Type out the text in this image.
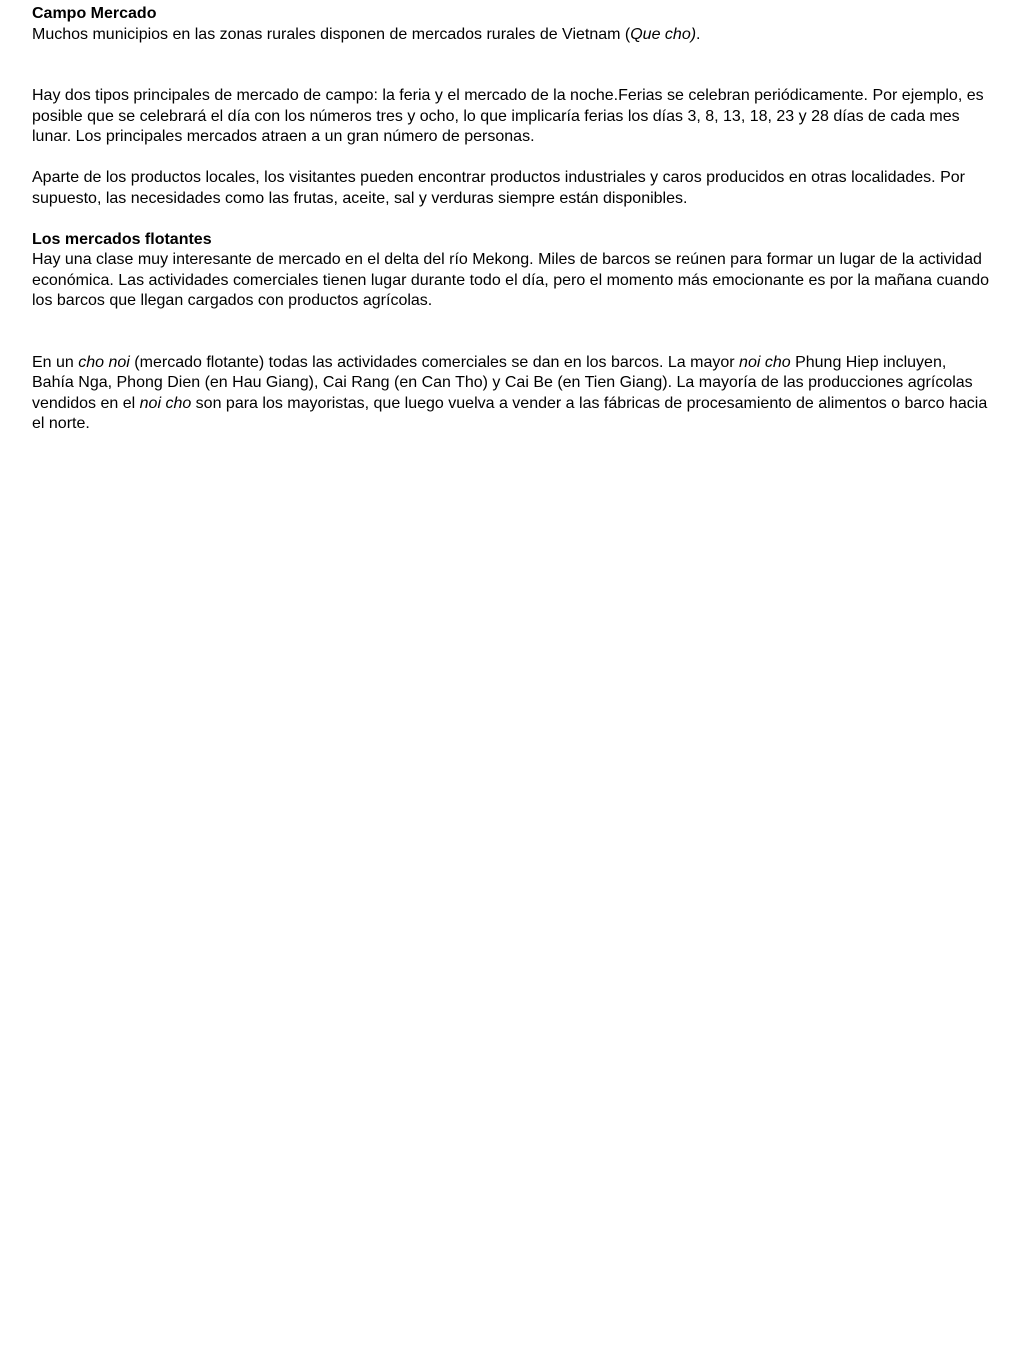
Campo Mercado

Muchos municipios en las zonas rurales disponen de mercados rurales de Vietnam (Que cho).

Hay dos tipos principales de mercado de campo: la feria y el mercado de la noche.Ferias se celebran periódicamente. Por ejemplo, es posible que se celebrará el día con los números tres y ocho, lo que implicaría ferias los días 3, 8, 13, 18, 23 y 28 días de cada mes lunar. Los principales mercados atraen a un gran número de personas.

Aparte de los productos locales, los visitantes pueden encontrar productos industriales y caros producidos en otras localidades. Por supuesto, las necesidades como las frutas, aceite, sal y verduras siempre están disponibles.

Los mercados flotantes

Hay una clase muy interesante de mercado en el delta del río Mekong. Miles de barcos se reúnen para formar un lugar de la actividad económica. Las actividades comerciales tienen lugar durante todo el día, pero el momento más emocionante es por la mañana cuando los barcos que llegan cargados con productos agrícolas.

En un cho noi (mercado flotante) todas las actividades comerciales se dan en los barcos. La mayor noi cho Phung Hiep incluyen, Bahía Nga, Phong Dien (en Hau Giang), Cai Rang (en Can Tho) y Cai Be (en Tien Giang). La mayoría de las producciones agrícolas vendidos en el noi cho son para los mayoristas, que luego vuelva a vender a las fábricas de procesamiento de alimentos o barco hacia el norte.
